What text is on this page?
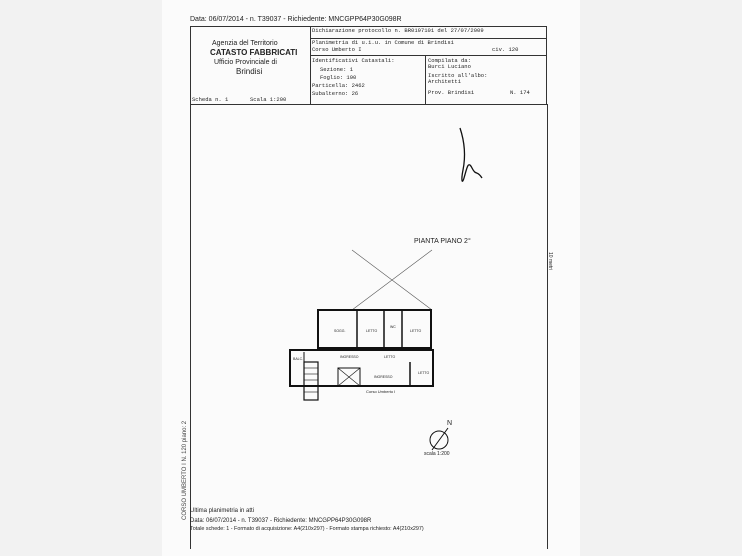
Data: 06/07/2014 - n. T39037 - Richiedente: MNCGPP64P30G098R
Agenzia del Territorio
CATASTO FABBRICATI
Ufficio Provinciale di
Brindisi
Dichiarazione protocollo n. BR0197101 del 27/07/2009
Planimetria di u.i.u. in Comune di Brindisi
Corso Umberto I	civ. 120
Identificativi Catastali:
Sezione: 1
Foglio: 190
Particella: 2462
Subalterno: 26
Compilata da:
Burci Luciano
Iscritto all'albo:
Architetti
Prov. Brindisi	N. 174
Scheda n. 1	Scala 1:200
PIANTA PIANO 2°
N
scala 1:200
Corso Umberto I
10 metri
SOGG.	LETTO
WC
LETTO
BALC.	INGRESSO	LETTO
INGRESSO
LETTO
CORSO UMBERTO I N. 120 piano: 2 Ultima planimetria in atti
Data: 06/07/2014 - n. T39037 - Richiedente: MNCGPP64P30G098R
Totale schede: 1 - Formato di acquisizione: A4(210x297) - Formato stampa richiesto: A4(210x297)
